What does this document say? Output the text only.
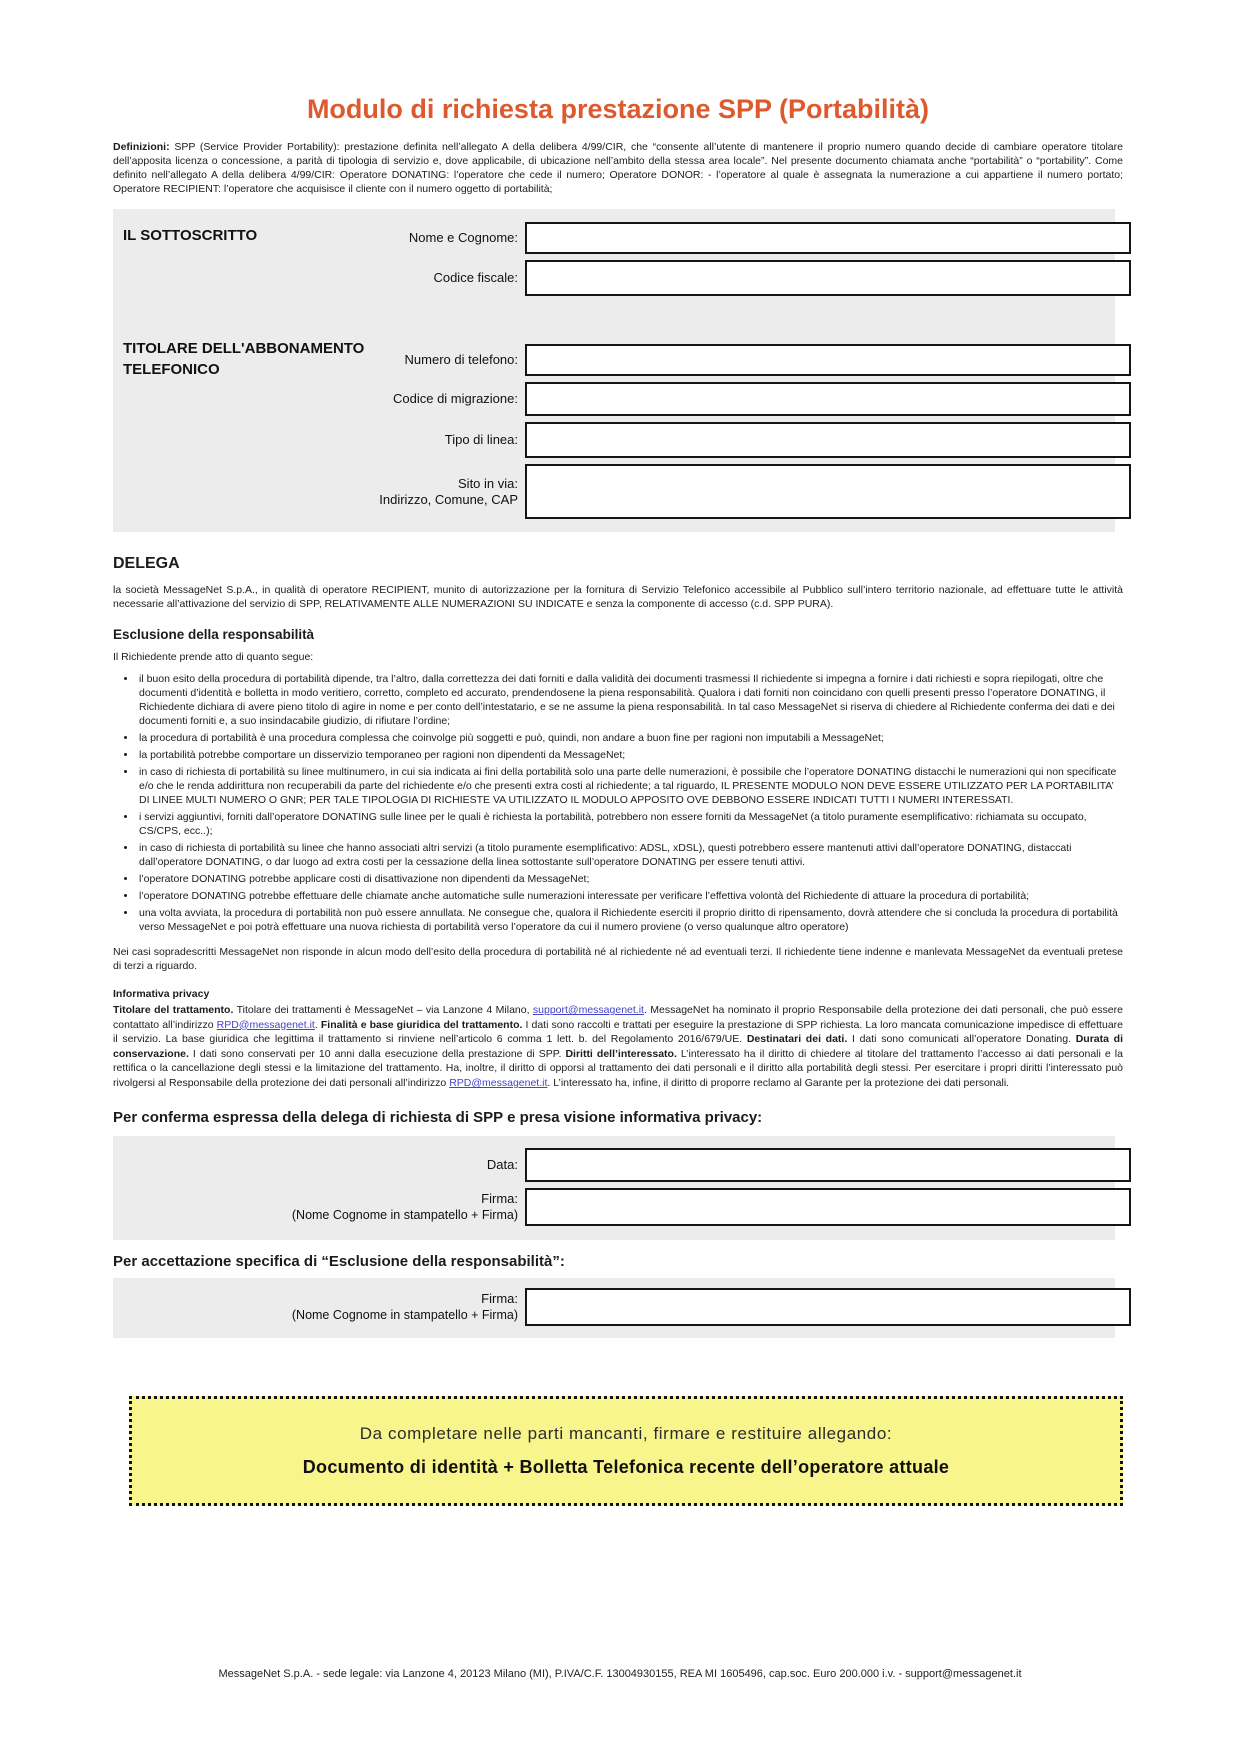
Modulo di richiesta prestazione SPP (Portabilità)

Definizioni: SPP (Service Provider Portability): prestazione definita nell’allegato A della delibera 4/99/CIR, che “consente all’utente di mantenere il proprio numero quando decide di cambiare operatore titolare dell’apposita licenza o concessione, a parità di tipologia di servizio e, dove applicabile, di ubicazione nell’ambito della stessa area locale”. Nel presente documento chiamata anche “portabilità” o “portability”. Come definito nell’allegato A della delibera 4/99/CIR: Operatore DONATING: l’operatore che cede il numero; Operatore DONOR: - l’operatore al quale è assegnata la numerazione a cui appartiene il numero portato; Operatore RECIPIENT: l’operatore che acquisisce il cliente con il numero oggetto di portabilità;

IL SOTTOSCRITTO
TITOLARE DELL'ABBONAMENTO TELEFONICO
Nome e Cognome:
Codice fiscale:
Numero di telefono:
Codice di migrazione:
Tipo di linea:
Sito in via:
Indirizzo, Comune, CAP
DELEGA

la società MessageNet S.p.A., in qualità di operatore RECIPIENT, munito di autorizzazione per la fornitura di Servizio Telefonico accessibile al Pubblico sull’intero territorio nazionale, ad effettuare tutte le attività necessarie all’attivazione del servizio di SPP, RELATIVAMENTE ALLE NUMERAZIONI SU INDICATE e senza la componente di accesso (c.d. SPP PURA).

Esclusione della responsabilità

Il Richiedente prende atto di quanto segue:

• il buon esito della procedura di portabilità dipende, tra l’altro, dalla correttezza dei dati forniti e dalla validità dei documenti trasmessi Il richiedente si impegna a fornire i dati richiesti e sopra riepilogati, oltre che documenti d’identità e bolletta in modo veritiero, corretto, completo ed accurato, prendendosene la piena responsabilità. Qualora i dati forniti non coincidano con quelli presenti presso l’operatore DONATING, il Richiedente dichiara di avere pieno titolo di agire in nome e per conto dell’intestatario, e se ne assume la piena responsabilità. In tal caso MessageNet si riserva di chiedere al Richiedente conferma dei dati e dei documenti forniti e, a suo insindacabile giudizio, di rifiutare l’ordine;
• la procedura di portabilità è una procedura complessa che coinvolge più soggetti e può, quindi, non andare a buon fine per ragioni non imputabili a MessageNet;
• la portabilità potrebbe comportare un disservizio temporaneo per ragioni non dipendenti da MessageNet;
• in caso di richiesta di portabilità su linee multinumero, in cui sia indicata ai fini della portabilità solo una parte delle numerazioni, è possibile che l’operatore DONATING distacchi le numerazioni qui non specificate e/o che le renda addirittura non recuperabili da parte del richiedente e/o che presenti extra costi al richiedente; a tal riguardo, IL PRESENTE MODULO NON DEVE ESSERE UTILIZZATO PER LA PORTABILITA’ DI LINEE MULTI NUMERO O GNR; PER TALE TIPOLOGIA DI RICHIESTE VA UTILIZZATO IL MODULO APPOSITO OVE DEBBONO ESSERE INDICATI TUTTI I NUMERI INTERESSATI.
• i servizi aggiuntivi, forniti dall’operatore DONATING sulle linee per le quali è richiesta la portabilità, potrebbero non essere forniti da MessageNet (a titolo puramente esemplificativo: richiamata su occupato, CS/CPS, ecc..);
• in caso di richiesta di portabilità su linee che hanno associati altri servizi (a titolo puramente esemplificativo: ADSL, xDSL), questi potrebbero essere mantenuti attivi dall’operatore DONATING, distaccati dall’operatore DONATING, o dar luogo ad extra costi per la cessazione della linea sottostante sull’operatore DONATING per essere tenuti attivi.
• l’operatore DONATING potrebbe applicare costi di disattivazione non dipendenti da MessageNet;
• l’operatore DONATING potrebbe effettuare delle chiamate anche automatiche sulle numerazioni interessate per verificare l’effettiva volontà del Richiedente di attuare la procedura di portabilità;
• una volta avviata, la procedura di portabilità non può essere annullata. Ne consegue che, qualora il Richiedente eserciti il proprio diritto di ripensamento, dovrà attendere che si concluda la procedura di portabilità verso MessageNet e poi potrà effettuare una nuova richiesta di portabilità verso l’operatore da cui il numero proviene (o verso qualunque altro operatore)

Nei casi sopradescritti MessageNet non risponde in alcun modo dell’esito della procedura di portabilità né al richiedente né ad eventuali terzi. Il richiedente tiene indenne e manlevata MessageNet da eventuali pretese di terzi a riguardo.

Informativa privacy

Titolare del trattamento. Titolare dei trattamenti è MessageNet – via Lanzone 4 Milano, support@messagenet.it. MessageNet ha nominato il proprio Responsabile della protezione dei dati personali, che può essere contattato all’indirizzo RPD@messagenet.it. Finalità e base giuridica del trattamento. I dati sono raccolti e trattati per eseguire la prestazione di SPP richiesta. La loro mancata comunicazione impedisce di effettuare il servizio. La base giuridica che legittima il trattamento si rinviene nell’articolo 6 comma 1 lett. b. del Regolamento 2016/679/UE. Destinatari dei dati. I dati sono comunicati all’operatore Donating. Durata di conservazione. I dati sono conservati per 10 anni dalla esecuzione della prestazione di SPP. Diritti dell’interessato. L’interessato ha il diritto di chiedere al titolare del trattamento l’accesso ai dati personali e la rettifica o la cancellazione degli stessi e la limitazione del trattamento. Ha, inoltre, il diritto di opporsi al trattamento dei dati personali e il diritto alla portabilità degli stessi. Per esercitare i propri diritti l’interessato può rivolgersi al Responsabile della protezione dei dati personali all’indirizzo RPD@messagenet.it. L’interessato ha, infine, il diritto di proporre reclamo al Garante per la protezione dei dati personali.

Per conferma espressa della delega di richiesta di SPP e presa visione informativa privacy:
Data:
Firma:
(Nome Cognome in stampatello + Firma)
Per accettazione specifica di “Esclusione della responsabilità”:
Firma:
(Nome Cognome in stampatello + Firma)
Da completare nelle parti mancanti, firmare e restituire allegando:
Documento di identità + Bolletta Telefonica recente dell’operatore attuale
MessageNet S.p.A. - sede legale: via Lanzone 4, 20123 Milano (MI), P.IVA/C.F. 13004930155, REA MI 1605496, cap.soc. Euro 200.000 i.v. - support@messagenet.it
